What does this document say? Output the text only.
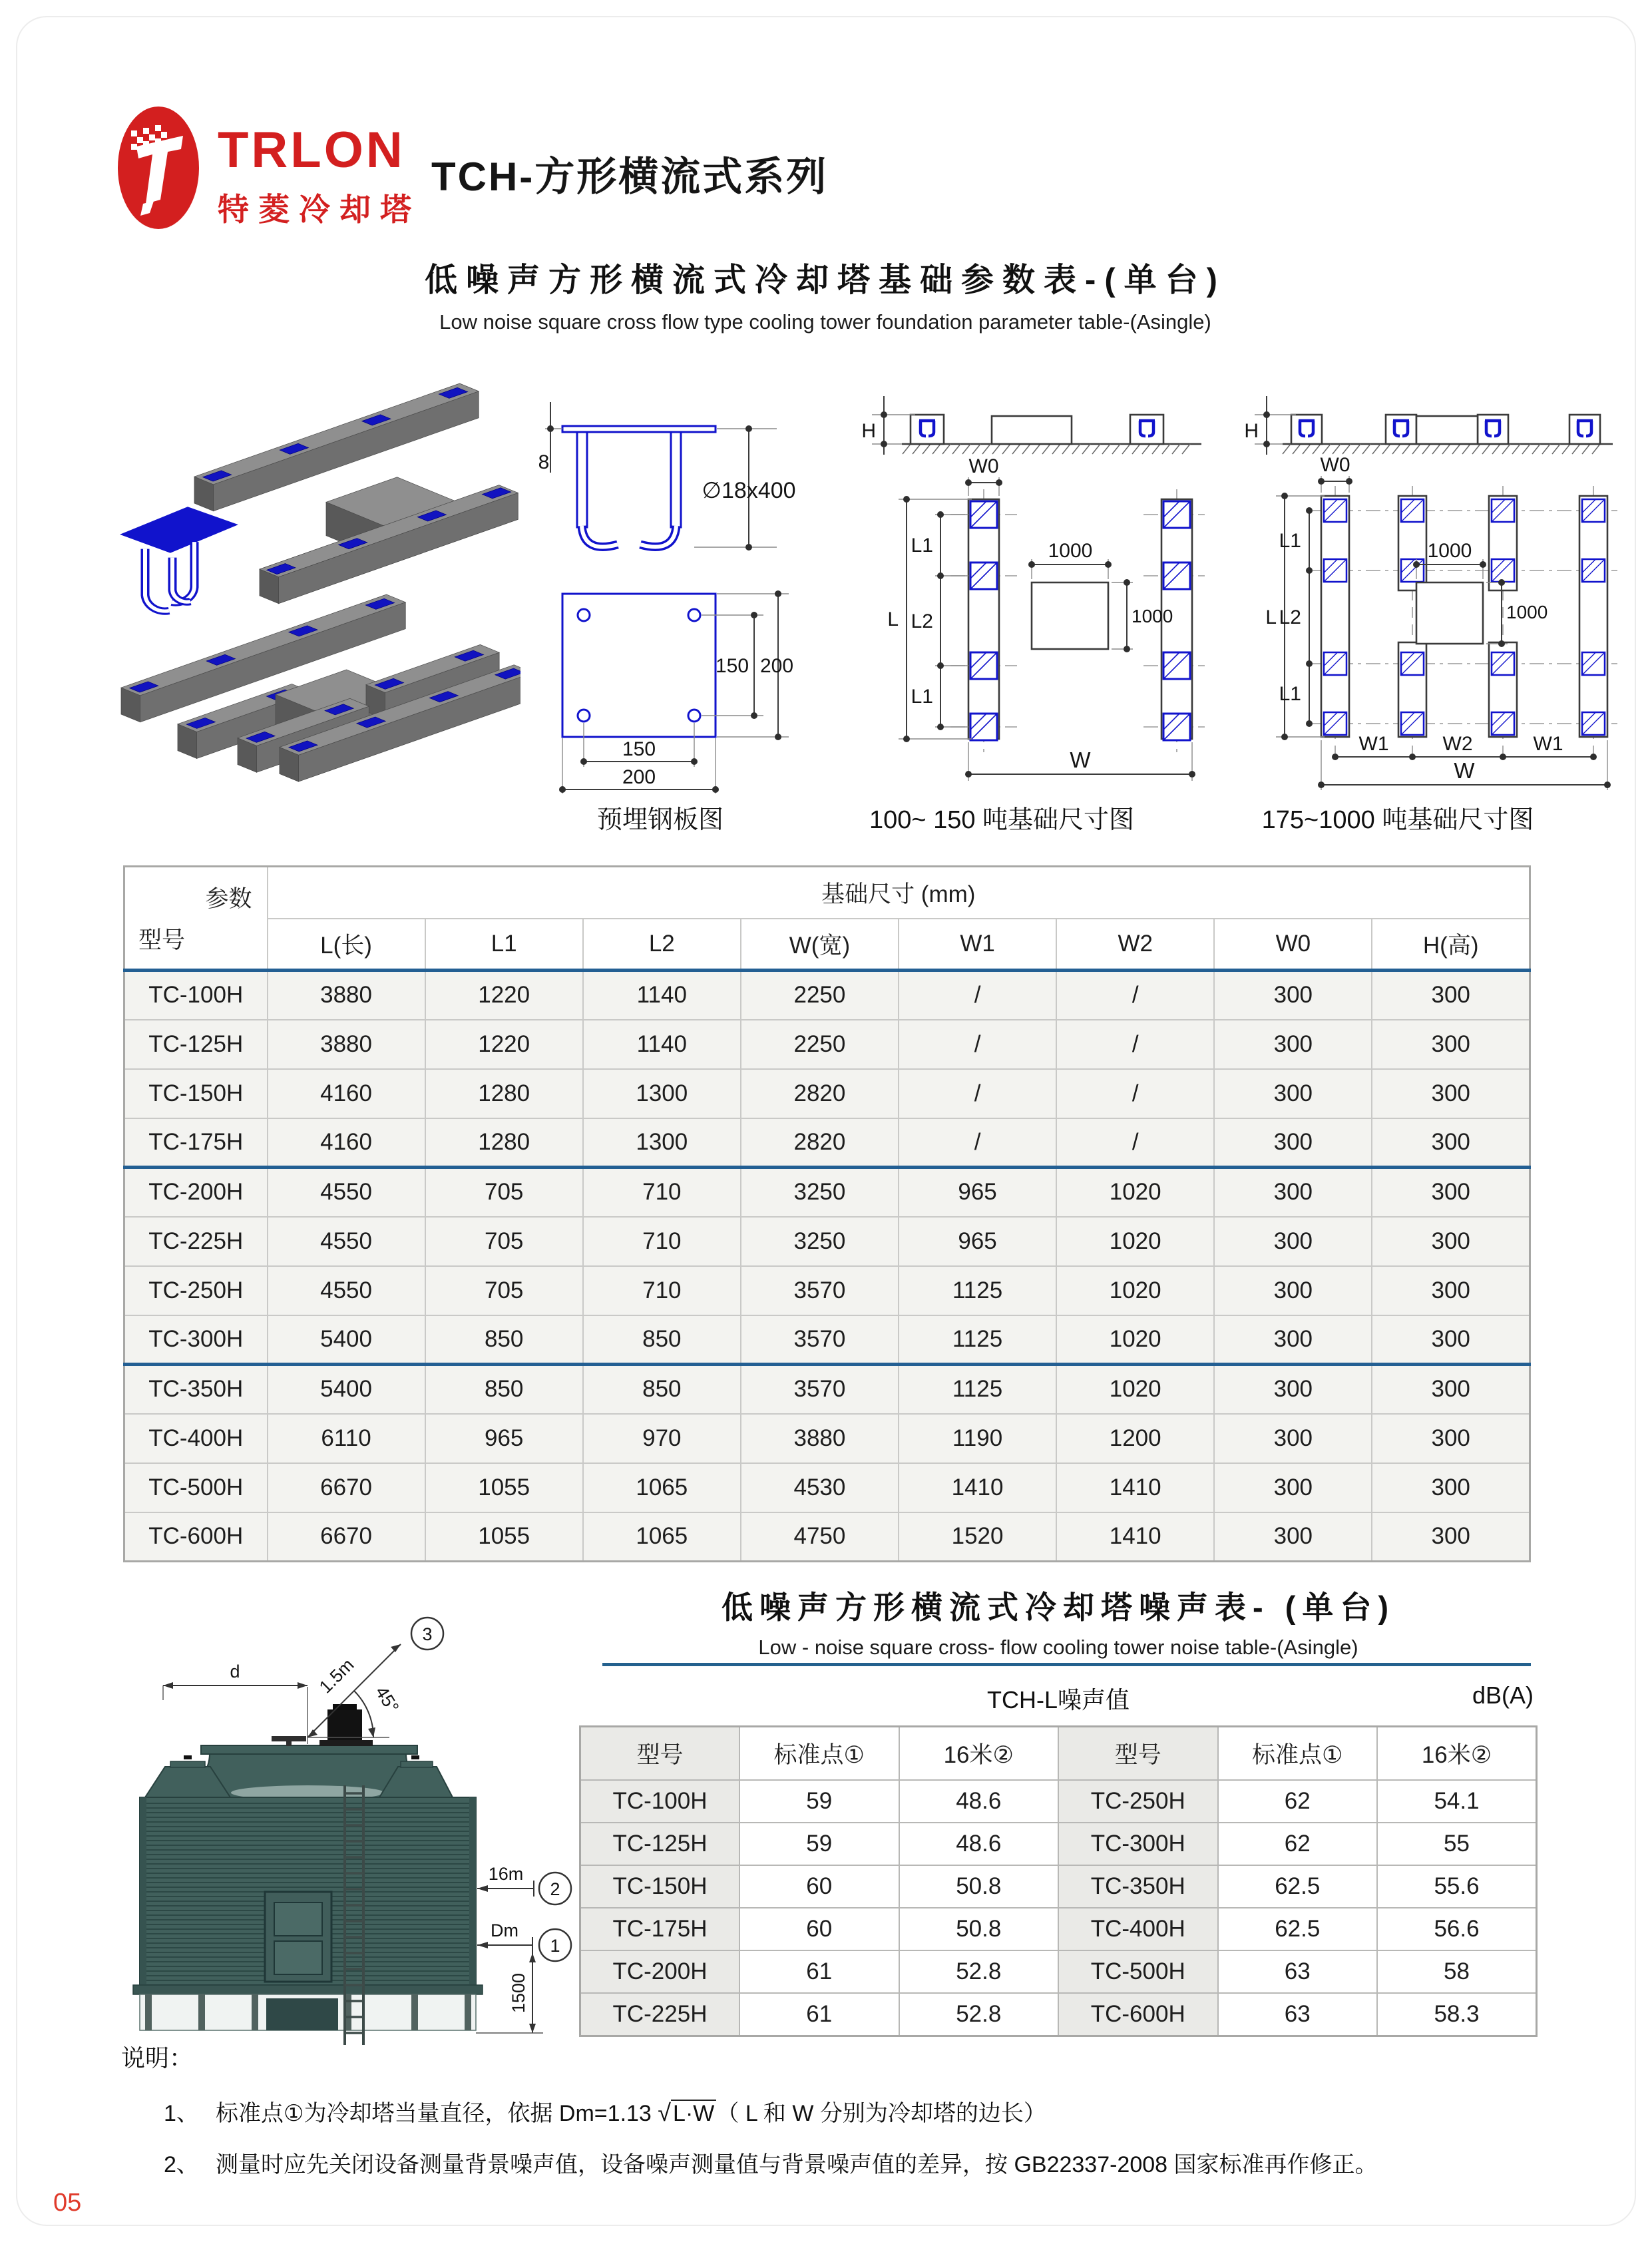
TRLON
特菱冷却塔
TCH-方形横流式系列
低噪声方形横流式冷却塔基础参数表-(单台)
Low noise square cross flow type cooling tower foundation parameter table-(Asingle)
8
∅18x400
150 200
150
200
H
W0
L
L1
L2
L1
1000
1000
W
H
W0
L
L1
L2
L1
1000
1000
W1	W2	W1
W
预埋钢板图	100~ 150 吨基础尺寸图	175~1000 吨基础尺寸图
参数
型号	基础尺寸 (mm)							
	L(长)	L1	L2	W(宽)	W1	W2	W0	H(高)
TC-100H	3880	1220	1140	2250	/	/	300	300
TC-125H	3880	1220	1140	2250	/	/	300	300
TC-150H	4160	1280	1300	2820	/	/	300	300
TC-175H	4160	1280	1300	2820	/	/	300	300
TC-200H	4550	705	710	3250	965	1020	300	300
TC-225H	4550	705	710	3250	965	1020	300	300
TC-250H	4550	705	710	3570	1125	1020	300	300
TC-300H	5400	850	850	3570	1125	1020	300	300
TC-350H	5400	850	850	3570	1125	1020	300	300
TC-400H	6110	965	970	3880	1190	1200	300	300
TC-500H	6670	1055	1065	4530	1410	1410	300	300
TC-600H	6670	1055	1065	4750	1520	1410	300	300
低噪声方形横流式冷却塔噪声表- (单台)
Low - noise square cross- flow cooling tower noise table-(Asingle)
TCH-L噪声值	dB(A)
型号	标准点①	16米②	型号	标准点①	16米②
TC-100H	59	48.6	TC-250H	62	54.1
TC-125H	59	48.6	TC-300H	62	55
TC-150H	60	50.8	TC-350H	62.5	55.6
TC-175H	60	50.8	TC-400H	62.5	56.6
TC-200H	61	52.8	TC-500H	63	58
TC-225H	61	52.8	TC-600H	63	58.3
d	1.5m
45°
3
16m
2
Dm
1
1500
说明：
1、 标准点①为冷却塔当量直径，依据 Dm=1.13 √L·W（ L 和 W 分别为冷却塔的边长）
2、 测量时应先关闭设备测量背景噪声值，设备噪声测量值与背景噪声值的差异，按 GB22337-2008 国家标准再作修正。
05
